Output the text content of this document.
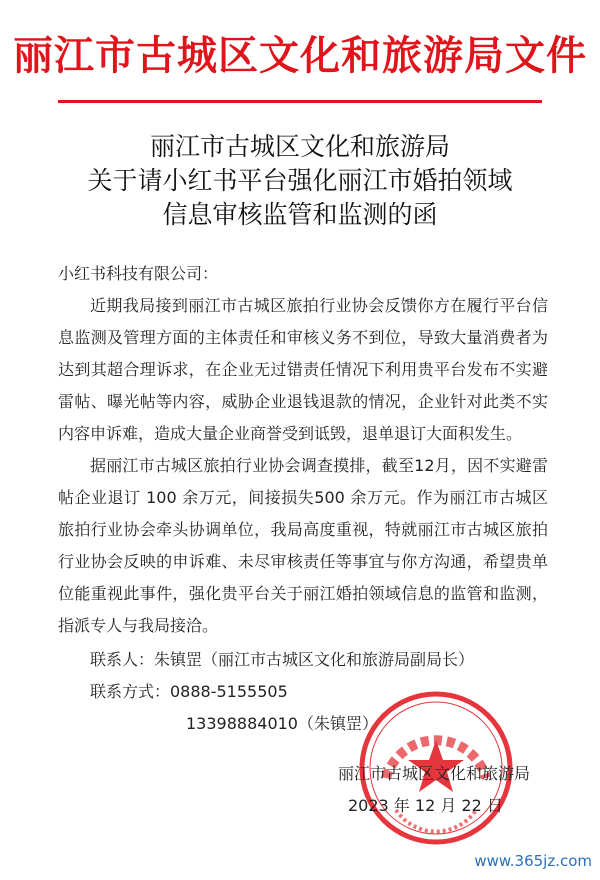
丽江市古城区文化和旅游局文件
丽江市古城区文化和旅游局
关于请小红书平台强化丽江市婚拍领域
信息审核监管和监测的函
小红书科技有限公司：

近期我局接到丽江市古城区旅拍行业协会反馈你方在履行平台信息监测及管理方面的主体责任和审核义务不到位，导致大量消费者为达到其超合理诉求，在企业无过错责任情况下利用贵平台发布不实避雷帖、曝光帖等内容，威胁企业退钱退款的情况，企业针对此类不实内容申诉难，造成大量企业商誉受到诋毁，退单退订大面积发生。

据丽江市古城区旅拍行业协会调查摸排，截至12月，因不实避雷帖企业退订 100 余万元，间接损失500 余万元。作为丽江市古城区旅拍行业协会牵头协调单位，我局高度重视，特就丽江市古城区旅拍行业协会反映的申诉难、未尽审核责任等事宜与你方沟通，希望贵单位能重视此事件，强化贵平台关于丽江婚拍领域信息的监管和监测，指派专人与我局接洽。

联系人：朱镇罡（丽江市古城区文化和旅游局副局长）
联系方式：0888-5155505
13398884010（朱镇罡）
丽江市古城区文化和旅游局
2023 年 12 月 22 日
www.365jz.com
